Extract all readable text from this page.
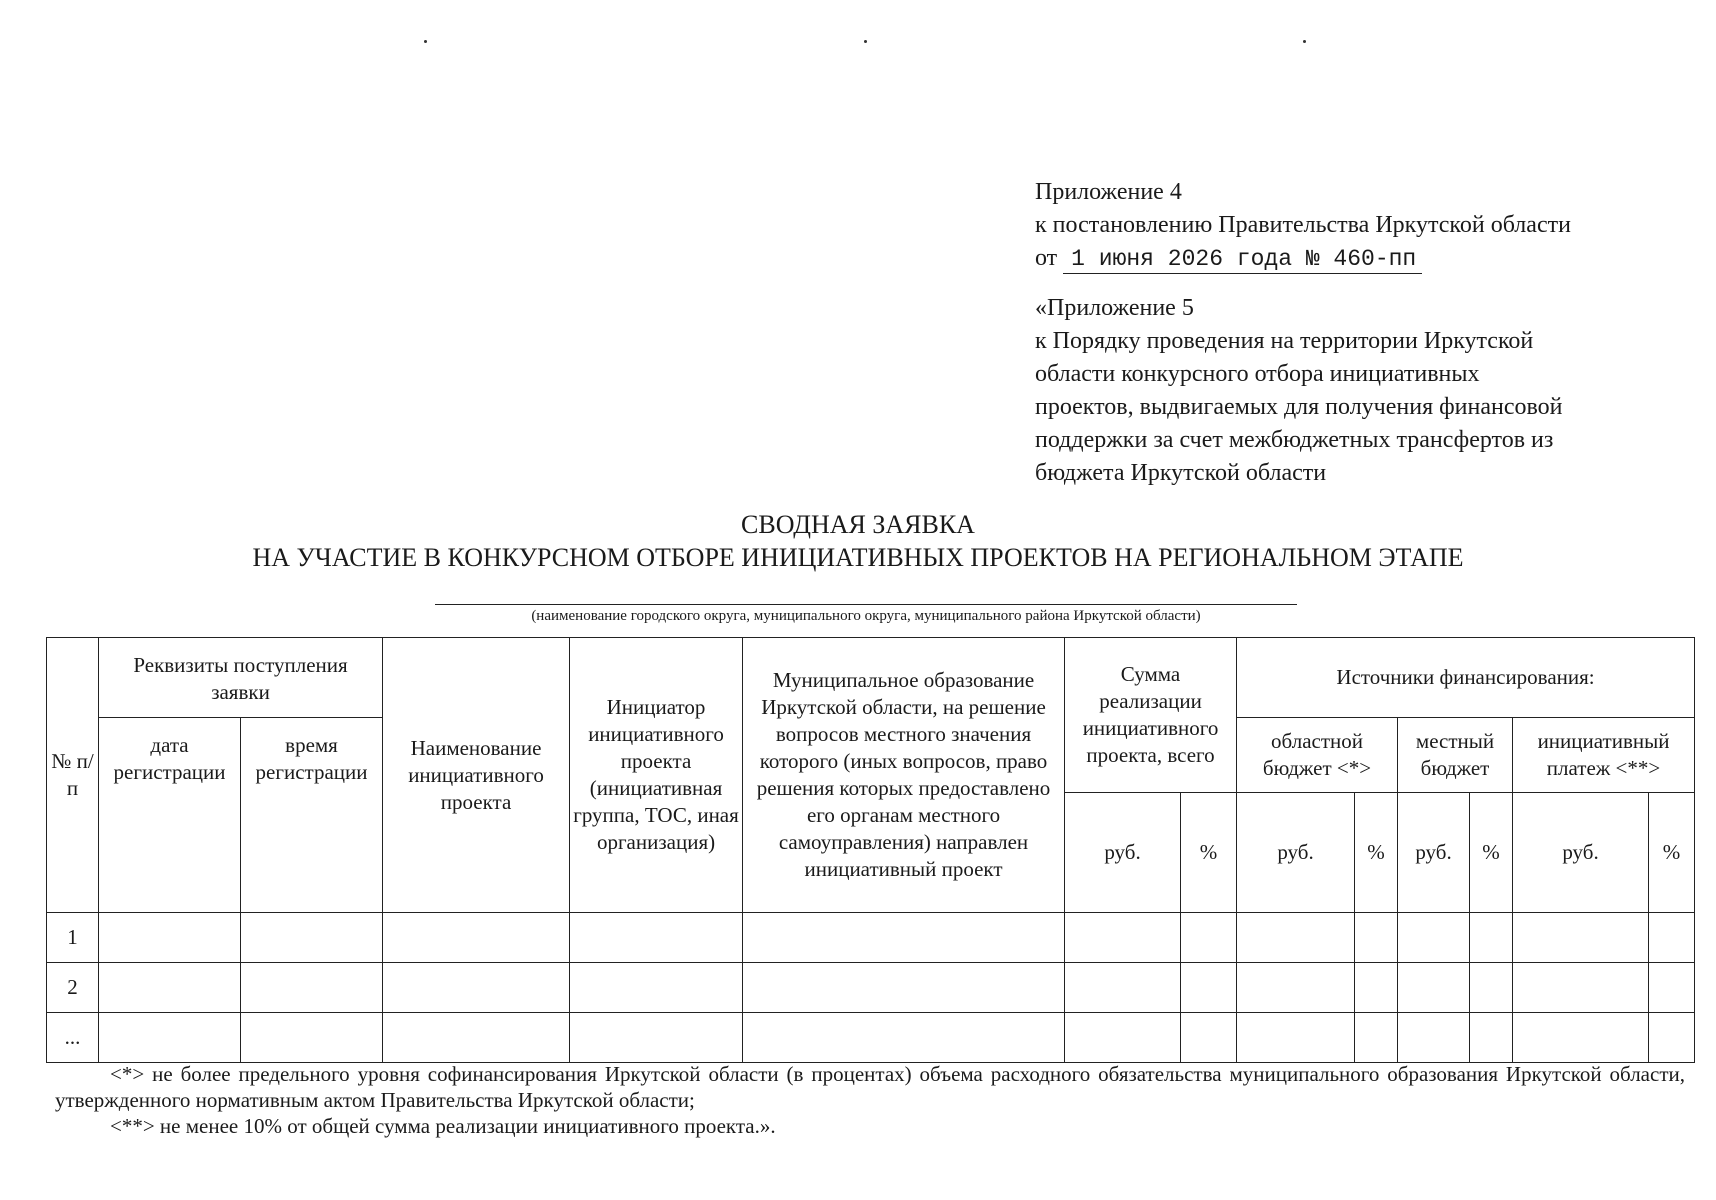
Приложение 4
к постановлению Правительства Иркутской области
от 1 июня 2026 года № 460-пп
«Приложение 5
к Порядку проведения на территории Иркутской
области конкурсного отбора инициативных
проектов, выдвигаемых для получения финансовой
поддержки за счет межбюджетных трансфертов из
бюджета Иркутской области
СВОДНАЯ ЗАЯВКА
НА УЧАСТИЕ В КОНКУРСНОМ ОТБОРЕ ИНИЦИАТИВНЫХ ПРОЕКТОВ НА РЕГИОНАЛЬНОМ ЭТАПЕ
(наименование городского округа, муниципального округа, муниципального района Иркутской области)
№ п/п	Реквизиты поступления заявки		Наименование инициативного проекта	Инициатор инициативного проекта (инициативная группа, ТОС, иная организация)	Муниципальное образование Иркутской области, на решение вопросов местного значения которого (иных вопросов, право решения которых предоставлено его органам местного самоуправления) направлен инициативный проект	Сумма реализации инициативного проекта, всего		Источники финансирования:					
	дата регистрации	время регистрации						областной бюджет <*>		местный бюджет		инициативный платеж <**>	
						руб.	%	руб.	%	руб.	%	руб.	%
1													
2													
...													

<*> не более предельного уровня софинансирования Иркутской области (в процентах) объема расходного обязательства муниципального образования Иркутской области, утвержденного нормативным актом Правительства Иркутской области;

<**> не менее 10% от общей сумма реализации инициативного проекта.».
